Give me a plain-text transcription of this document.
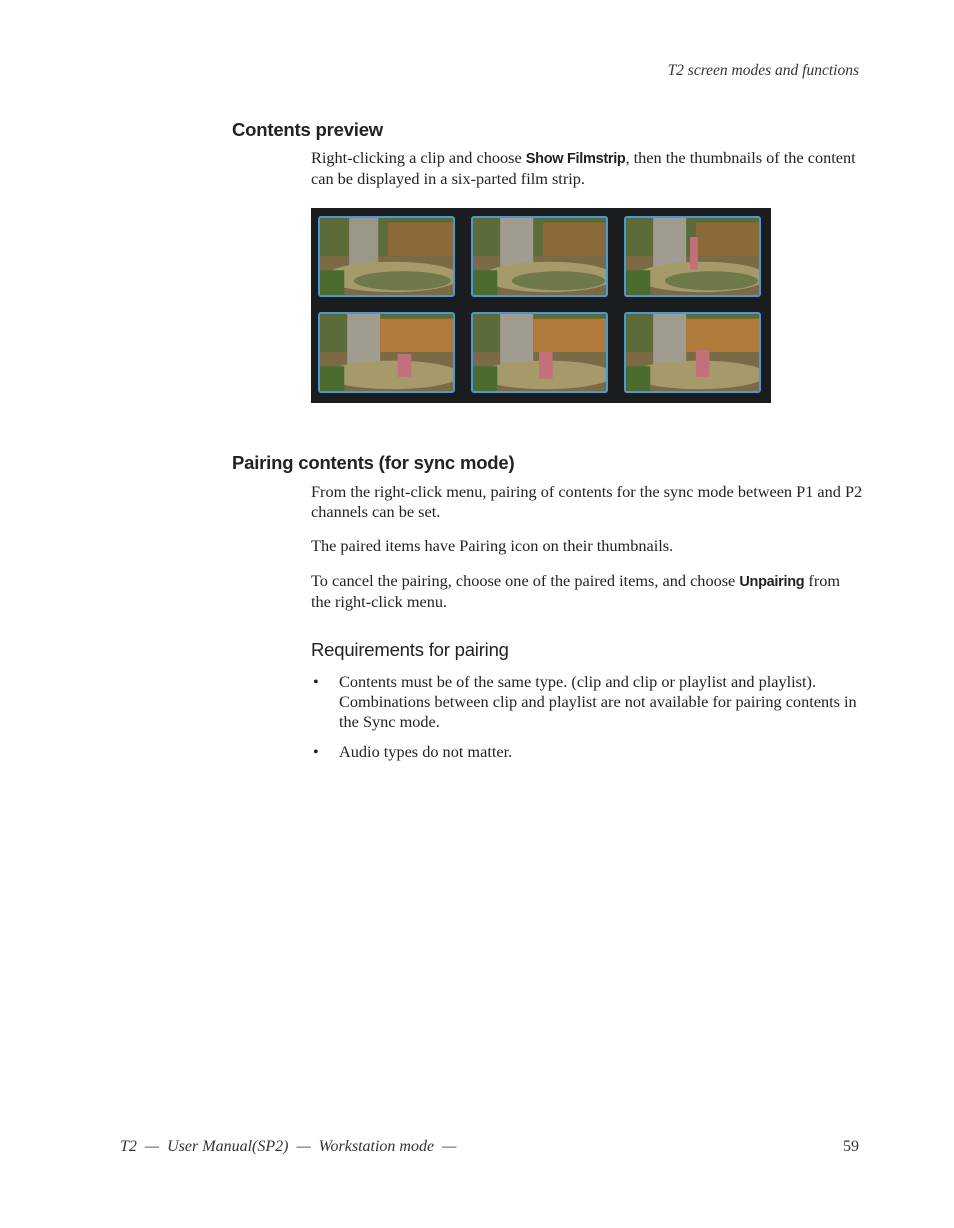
T2 screen modes and functions
Contents preview

Right-clicking a clip and choose Show Filmstrip, then the thumbnails of the content can be displayed in a six-parted film strip.

Pairing contents (for sync mode)

From the right-click menu, pairing of contents for the sync mode between P1 and P2 channels can be set.

The paired items have Pairing icon on their thumbnails.

To cancel the pairing, choose one of the paired items, and choose Unpairing from the right-click menu.

Requirements for pairing
• Contents must be of the same type. (clip and clip or playlist and playlist). Combinations between clip and playlist are not available for pairing contents in the Sync mode.
• Audio types do not matter.
T2  —  User Manual(SP2)  —  Workstation mode  —	59
